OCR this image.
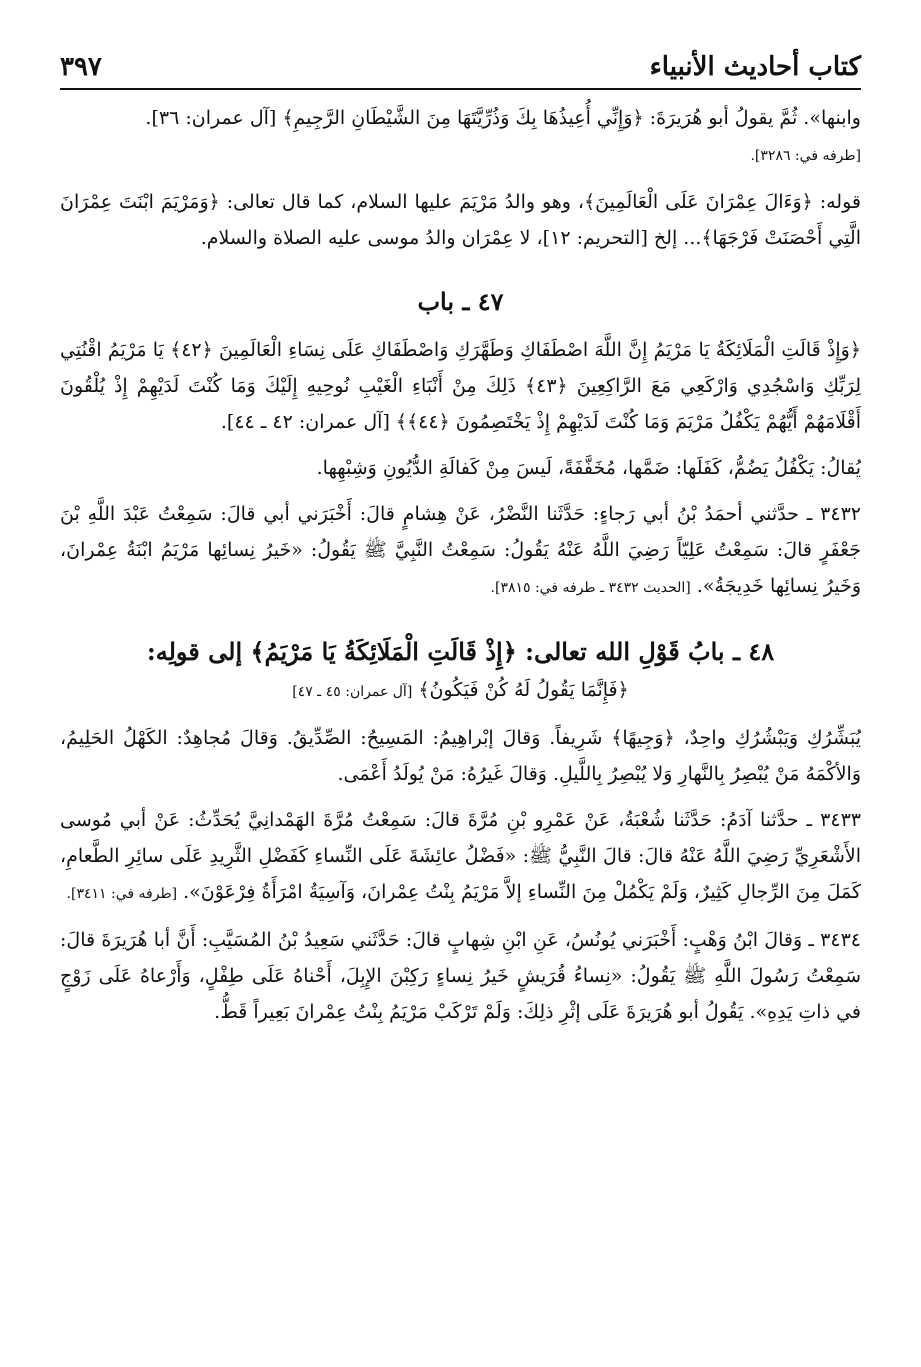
كتاب أحاديث الأنبياء
٣٩٧

وابنها». ثُمَّ يقولُ أبو هُرَيرَةَ: ﴿وَإِنِّي أُعِيذُهَا بِكَ وَذُرِّيَّتَهَا مِنَ الشَّيْطَانِ الرَّجِيمِ﴾ [آل عمران: ٣٦].

[طرفه في: ٣٢٨٦].

قوله: ﴿وَءَالَ عِمْرَانَ عَلَى الْعَالَمِينَ﴾، وهو والدُ مَرْيَمَ عليها السلام، كما قال تعالى: ﴿وَمَرْيَمَ ابْنَتَ عِمْرَانَ الَّتِي أَحْصَنَتْ فَرْجَهَا﴾... إلخ [التحريم: ١٢]، لا عِمْرَان والدُ موسى عليه الصلاة والسلام.

٤٧ ـ باب

﴿وَإِذْ قَالَتِ الْمَلَائِكَةُ يَا مَرْيَمُ إِنَّ اللَّهَ اصْطَفَاكِ وَطَهَّرَكِ وَاصْطَفَاكِ عَلَى نِسَاءِ الْعَالَمِينَ ﴿٤٢﴾ يَا مَرْيَمُ اقْنُتِي لِرَبِّكِ وَاسْجُدِي وَارْكَعِي مَعَ الرَّاكِعِينَ ﴿٤٣﴾ ذَلِكَ مِنْ أَنْبَاءِ الْغَيْبِ نُوحِيهِ إِلَيْكَ وَمَا كُنْتَ لَدَيْهِمْ إِذْ يُلْقُونَ أَقْلَامَهُمْ أَيُّهُمْ يَكْفُلُ مَرْيَمَ وَمَا كُنْتَ لَدَيْهِمْ إِذْ يَخْتَصِمُونَ ﴿٤٤﴾﴾ [آل عمران: ٤٢ ـ ٤٤].

يُقالُ: يَكْفُلُ يَضُمُّ، كَفَلَها: ضَمَّها، مُخَفَّفَةً، لَيسَ مِنْ كَفالَةِ الدُّيُونِ وَشِبْهِها.

٣٤٣٢ ـ حدَّثني أحمَدُ بْنُ أبي رَجاءٍ: حَدَّثَنا النَّضْرُ، عَنْ هِشامٍ قالَ: أَخْبَرَني أبي قالَ: سَمِعْتُ عَبْدَ اللَّهِ بْنَ جَعْفَرٍ قالَ: سَمِعْتُ عَلِيّاً رَضِيَ اللَّهُ عَنْهُ يَقُولُ: سَمِعْتُ النَّبِيَّ ﷺ يَقُولُ: «خَيرُ نِسائِها مَرْيَمُ ابْنَةُ عِمْرانَ، وَخَيرُ نِسائِها خَدِيجَةُ». [الحديث ٣٤٣٢ ـ طرفه في: ٣٨١٥].

٤٨ ـ بابُ قَوْلِ الله تعالى: ﴿إِذْ قَالَتِ الْمَلَائِكَةُ يَا مَرْيَمُ﴾ إلى قولِه:

﴿فَإِنَّمَا يَقُولُ لَهُ كُنْ فَيَكُونُ﴾ [آل عمران: ٤٥ ـ ٤٧]

يُبَشِّرُكِ وَيَبْشُرُكِ واحِدٌ، ﴿وَجِيهًا﴾ شَرِيفاً. وَقالَ إبْراهِيمُ: المَسِيحُ: الصِّدِّيقُ. وَقالَ مُجاهِدٌ: الكَهْلُ الحَلِيمُ، وَالأكْمَهُ مَنْ يُبْصِرُ بِالنَّهارِ وَلا يُبْصِرُ بِاللَّيلِ. وَقالَ غَيرُهُ: مَنْ يُولَدُ أَعْمَى.

٣٤٣٣ ـ حدَّثنا آدَمُ: حَدَّثَنا شُعْبَةُ، عَنْ عَمْرِو بْنِ مُرَّةَ قالَ: سَمِعْتُ مُرَّةَ الهَمْدانِيَّ يُحَدِّثُ: عَنْ أبي مُوسى الأَشْعَرِيِّ رَضِيَ اللَّهُ عَنْهُ قالَ: قالَ النَّبِيُّ ﷺ: «فَضْلُ عائِشَةَ عَلَى النِّساءِ كَفَضْلِ الثَّرِيدِ عَلَى سائِرِ الطَّعامِ، كَمَلَ مِنَ الرِّجالِ كَثِيرٌ، وَلَمْ يَكْمُلْ مِنَ النِّساءِ إلاَّ مَرْيَمُ بِنْتُ عِمْرانَ، وَآسِيَةُ امْرَأَةُ فِرْعَوْنَ». [طرفه في: ٣٤١١].

٣٤٣٤ ـ وَقالَ ابْنُ وَهْبٍ: أَخْبَرَني يُونُسُ، عَنِ ابْنِ شِهابٍ قالَ: حَدَّثَني سَعِيدُ بْنُ المُسَيَّبِ: أَنَّ أبا هُرَيرَةَ قالَ: سَمِعْتُ رَسُولَ اللَّهِ ﷺ يَقُولُ: «نِساءُ قُرَيشٍ خَيرُ نِساءٍ رَكِبْنَ الإِبِلَ، أَحْناهُ عَلَى طِفْلٍ، وَأَرْعاهُ عَلَى زَوْجٍ في ذاتِ يَدِهِ». يَقُولُ أبو هُرَيرَةَ عَلَى إثْرِ ذلِكَ: وَلَمْ تَرْكَبْ مَرْيَمُ بِنْتُ عِمْرانَ بَعِيراً قَطُّ.
